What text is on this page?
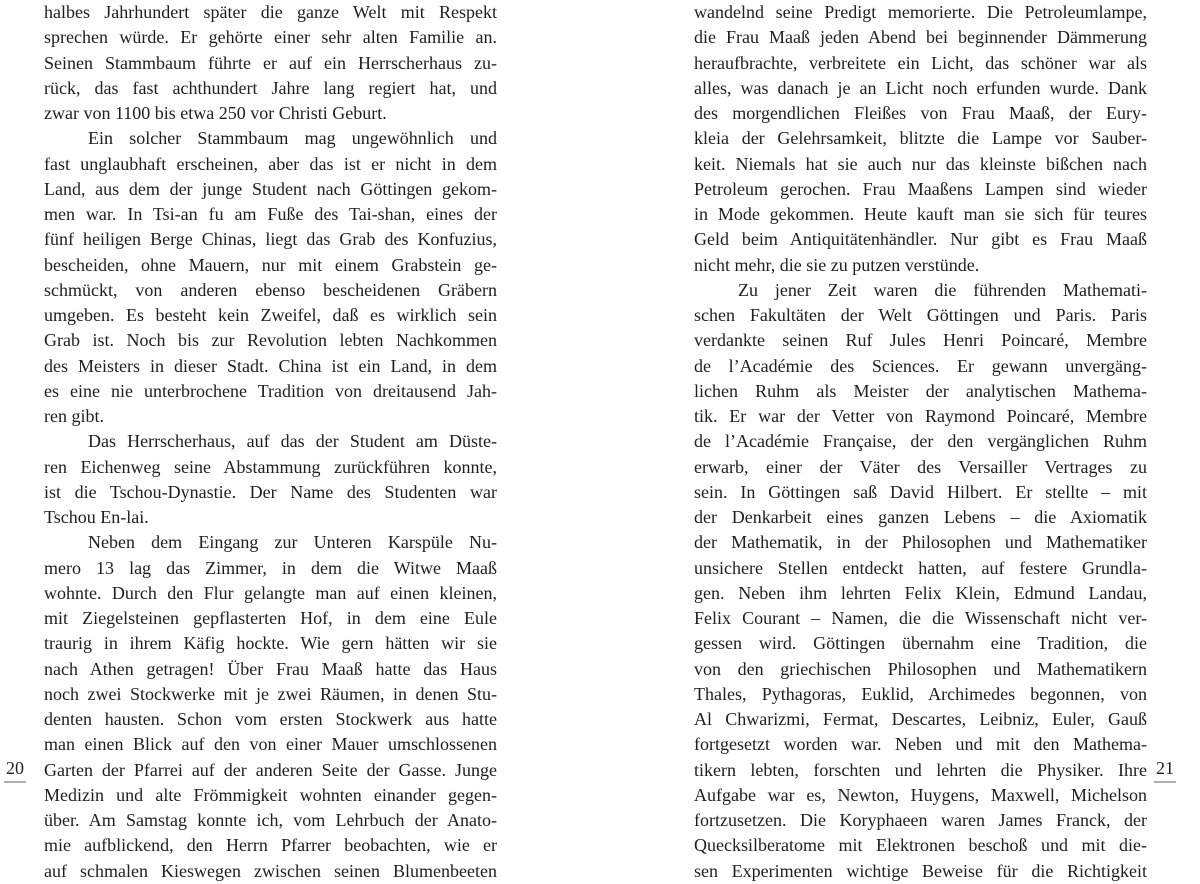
halbes Jahrhundert später die ganze Welt mit Respekt
sprechen würde. Er gehörte einer sehr alten Familie an.
Seinen Stammbaum führte er auf ein Herrscherhaus zu-
rück, das fast achthundert Jahre lang regiert hat, und
zwar von 1100 bis etwa 250 vor Christi Geburt.
Ein solcher Stammbaum mag ungewöhnlich und
fast unglaubhaft erscheinen, aber das ist er nicht in dem
Land, aus dem der junge Student nach Göttingen gekom-
men war. In Tsi-an fu am Fuße des Tai-shan, eines der
fünf heiligen Berge Chinas, liegt das Grab des Konfuzius,
bescheiden, ohne Mauern, nur mit einem Grabstein ge-
schmückt, von anderen ebenso bescheidenen Gräbern
umgeben. Es besteht kein Zweifel, daß es wirklich sein
Grab ist. Noch bis zur Revolution lebten Nachkommen
des Meisters in dieser Stadt. China ist ein Land, in dem
es eine nie unterbrochene Tradition von dreitausend Jah-
ren gibt.
Das Herrscherhaus, auf das der Student am Düste-
ren Eichenweg seine Abstammung zurückführen konnte,
ist die Tschou-Dynastie. Der Name des Studenten war
Tschou En-lai.
Neben dem Eingang zur Unteren Karspüle Nu-
mero 13 lag das Zimmer, in dem die Witwe Maaß
wohnte. Durch den Flur gelangte man auf einen kleinen,
mit Ziegelsteinen gepflasterten Hof, in dem eine Eule
traurig in ihrem Käfig hockte. Wie gern hätten wir sie
nach Athen getragen! Über Frau Maaß hatte das Haus
noch zwei Stockwerke mit je zwei Räumen, in denen Stu-
denten hausten. Schon vom ersten Stockwerk aus hatte
man einen Blick auf den von einer Mauer umschlossenen
Garten der Pfarrei auf der anderen Seite der Gasse. Junge
Medizin und alte Frömmigkeit wohnten einander gegen-
über. Am Samstag konnte ich, vom Lehrbuch der Anato-
mie aufblickend, den Herrn Pfarrer beobachten, wie er
auf schmalen Kieswegen zwischen seinen Blumenbeeten
20
wandelnd seine Predigt memorierte. Die Petroleumlampe,
die Frau Maaß jeden Abend bei beginnender Dämmerung
heraufbrachte, verbreitete ein Licht, das schöner war als
alles, was danach je an Licht noch erfunden wurde. Dank
des morgendlichen Fleißes von Frau Maaß, der Eury-
kleia der Gelehrsamkeit, blitzte die Lampe vor Sauber-
keit. Niemals hat sie auch nur das kleinste bißchen nach
Petroleum gerochen. Frau Maaßens Lampen sind wieder
in Mode gekommen. Heute kauft man sie sich für teures
Geld beim Antiquitätenhändler. Nur gibt es Frau Maaß
nicht mehr, die sie zu putzen verstünde.
Zu jener Zeit waren die führenden Mathemati-
schen Fakultäten der Welt Göttingen und Paris. Paris
verdankte seinen Ruf Jules Henri Poincaré, Membre
de l’Académie des Sciences. Er gewann unvergäng-
lichen Ruhm als Meister der analytischen Mathema-
tik. Er war der Vetter von Raymond Poincaré, Membre
de l’Académie Française, der den vergänglichen Ruhm
erwarb, einer der Väter des Versailler Vertrages zu
sein. In Göttingen saß David Hilbert. Er stellte – mit
der Denkarbeit eines ganzen Lebens – die Axiomatik
der Mathematik, in der Philosophen und Mathematiker
unsichere Stellen entdeckt hatten, auf festere Grundla-
gen. Neben ihm lehrten Felix Klein, Edmund Landau,
Felix Courant – Namen, die die Wissenschaft nicht ver-
gessen wird. Göttingen übernahm eine Tradition, die
von den griechischen Philosophen und Mathematikern
Thales, Pythagoras, Euklid, Archimedes begonnen, von
Al Chwarizmi, Fermat, Descartes, Leibniz, Euler, Gauß
fortgesetzt worden war. Neben und mit den Mathema-
tikern lebten, forschten und lehrten die Physiker. Ihre
Aufgabe war es, Newton, Huygens, Maxwell, Michelson
fortzusetzen. Die Koryphaeen waren James Franck, der
Quecksilberatome mit Elektronen beschoß und mit die-
sen Experimenten wichtige Beweise für die Richtigkeit
21
